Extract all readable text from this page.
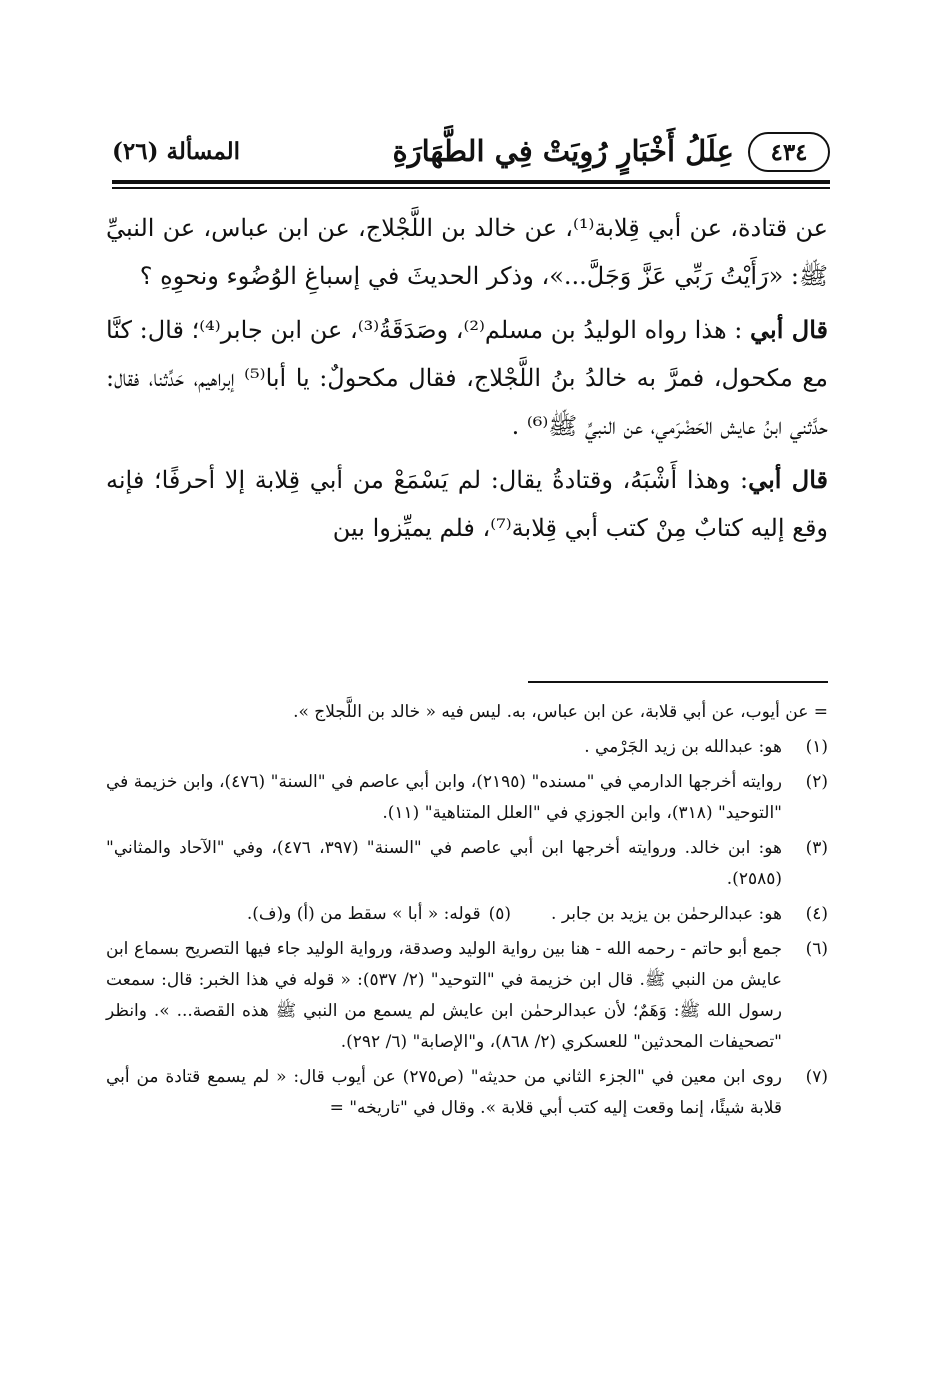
٤٣٤
عِلَلُ أَخْبَارٍ رُوِيَتْ فِي الطَّهَارَةِ
المسألة (٢٦)

عن قتادة، عن أبي قِلابة⁽¹⁾، عن خالد بن اللَّجْلاج، عن ابن عباس، عن النبيِّ ﷺ: «رَأَيْتُ رَبِّي عَزَّ وَجَلَّ...»، وذكر الحديثَ في إسباغِ الوُضُوء ونحوِهِ ؟

قال أبي : هذا رواه الوليدُ بن مسلم⁽²⁾، وصَدَقَةُ⁽³⁾، عن ابن جابر⁽⁴⁾؛ قال: كنَّا مع مكحول، فمرَّ به خالدُ بنُ اللَّجْلاج، فقال مكحولٌ: يا أبا⁽⁵⁾ إبراهيم، حَدِّثنا، فقال: حدَّثني ابنُ عايش الحَضْرَمي، عن النبيِّ ﷺ⁽⁶⁾ .

قال أبي: وهذا أَشْبَهُ، وقتادةُ يقال: لم يَسْمَعْ من أبي قِلابة إلا أحرفًا؛ فإنه وقع إليه كتابٌ مِنْ كتب أبي قِلابة⁽⁷⁾، فلم يميِّزوا بين

= عن أيوب، عن أبي قلابة، عن ابن عباس، به. ليس فيه « خالد بن اللَّجلاج ».
(١)
هو: عبدالله بن زيد الجَرْمي .
(٢)
روايته أخرجها الدارمي في "مسنده" (٢١٩٥)، وابن أبي عاصم في "السنة" (٤٧٦)، وابن خزيمة في "التوحيد" (٣١٨)، وابن الجوزي في "العلل المتناهية" (١١).
(٣)
هو: ابن خالد. وروايته أخرجها ابن أبي عاصم في "السنة" (٣٩٧، ٤٧٦)، وفي "الآحاد والمثاني" (٢٥٨٥).
(٤)
هو: عبدالرحمٰن بن يزيد بن جابر .
(٥)
قوله: « أبا » سقط من (أ) و(ف).
(٦)
جمع أبو حاتم - رحمه الله - هنا بين رواية الوليد وصدقة، ورواية الوليد جاء فيها التصريح بسماع ابن عايش من النبي ﷺ. قال ابن خزيمة في "التوحيد" (٢/ ٥٣٧): « قوله في هذا الخبر: قال: سمعت رسول الله ﷺ: وَهَمٌ؛ لأن عبدالرحمٰن ابن عايش لم يسمع من النبي ﷺ هذه القصة... ». وانظر "تصحيفات المحدثين" للعسكري (٢/ ٨٦٨)، و"الإصابة" (٦/ ٢٩٢).
(٧)
روى ابن معين في "الجزء الثاني من حديثه" (ص٢٧٥) عن أيوب قال: « لم يسمع قتادة من أبي قلابة شيئًا، إنما وقعت إليه كتب أبي قلابة ». وقال في "تاريخه" =
